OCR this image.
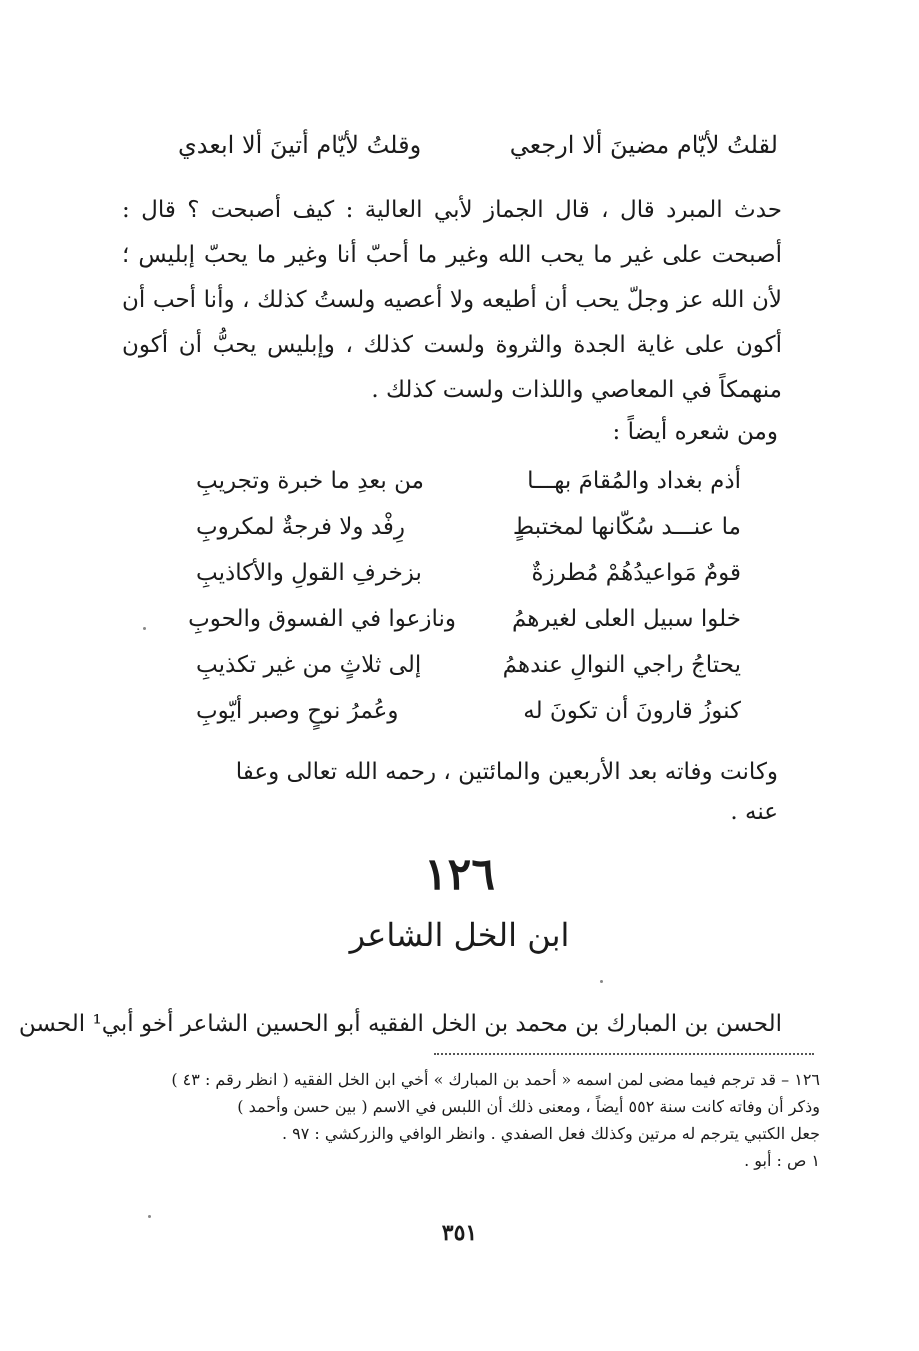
لقلتُ لأيّام مضينَ ألا ارجعي
وقلتُ لأيّام أتينَ ألا ابعدي

حدث المبرد قال ، قال الجماز لأبي العالية : كيف أصبحت ؟ قال : أصبحت على غير ما يحب الله وغير ما أحبّ أنا وغير ما يحبّ إبليس ؛ لأن الله عز وجلّ يحب أن أطيعه ولا أعصيه ولستُ كذلك ، وأنا أحب أن أكون على غاية الجدة والثروة ولست كذلك ، وإبليس يحبُّ أن أكون منهمكاً في المعاصي واللذات ولست كذلك .

ومن شعره أيضاً :
أذم بغداد والمُقامَ بهـــا
من بعدِ ما خبرة وتجريبِ
ما عنـــد سُكّانها لمختبطٍ
رِفْد ولا فرجةٌ لمكروبِ
قومٌ مَواعيدُهُمْ مُطرزةٌ
بزخرفِ القولِ والأكاذيبِ
خلوا سبيل العلى لغيرهمُ
ونازعوا في الفسوق والحوبِ
يحتاجُ راجي النوالِ عندهمُ
إلى ثلاثٍ من غير تكذيبِ
كنوزُ قارونَ أن تكونَ له
وعُمرُ نوحٍ وصبر أيّوبِ
وكانت وفاته بعد الأربعين والمائتين ، رحمه الله تعالى وعفا عنه .
١٢٦
ابن الخل الشاعر
الحسن بن المبارك بن محمد بن الخل الفقيه أبو الحسين الشاعر أخو أبي¹ الحسن

١٢٦ – قد ترجم فيما مضى لمن اسمه « أحمد بن المبارك » أخي ابن الخل الفقيه ( انظر رقم : ٤٣ )

وذكر أن وفاته كانت سنة ٥٥٢ أيضاً ، ومعنى ذلك أن اللبس في الاسم ( بين حسن وأحمد )

جعل الكتبي يترجم له مرتين وكذلك فعل الصفدي . وانظر الوافي والزركشي : ٩٧ .

١ ص : أبو .

٣٥١
